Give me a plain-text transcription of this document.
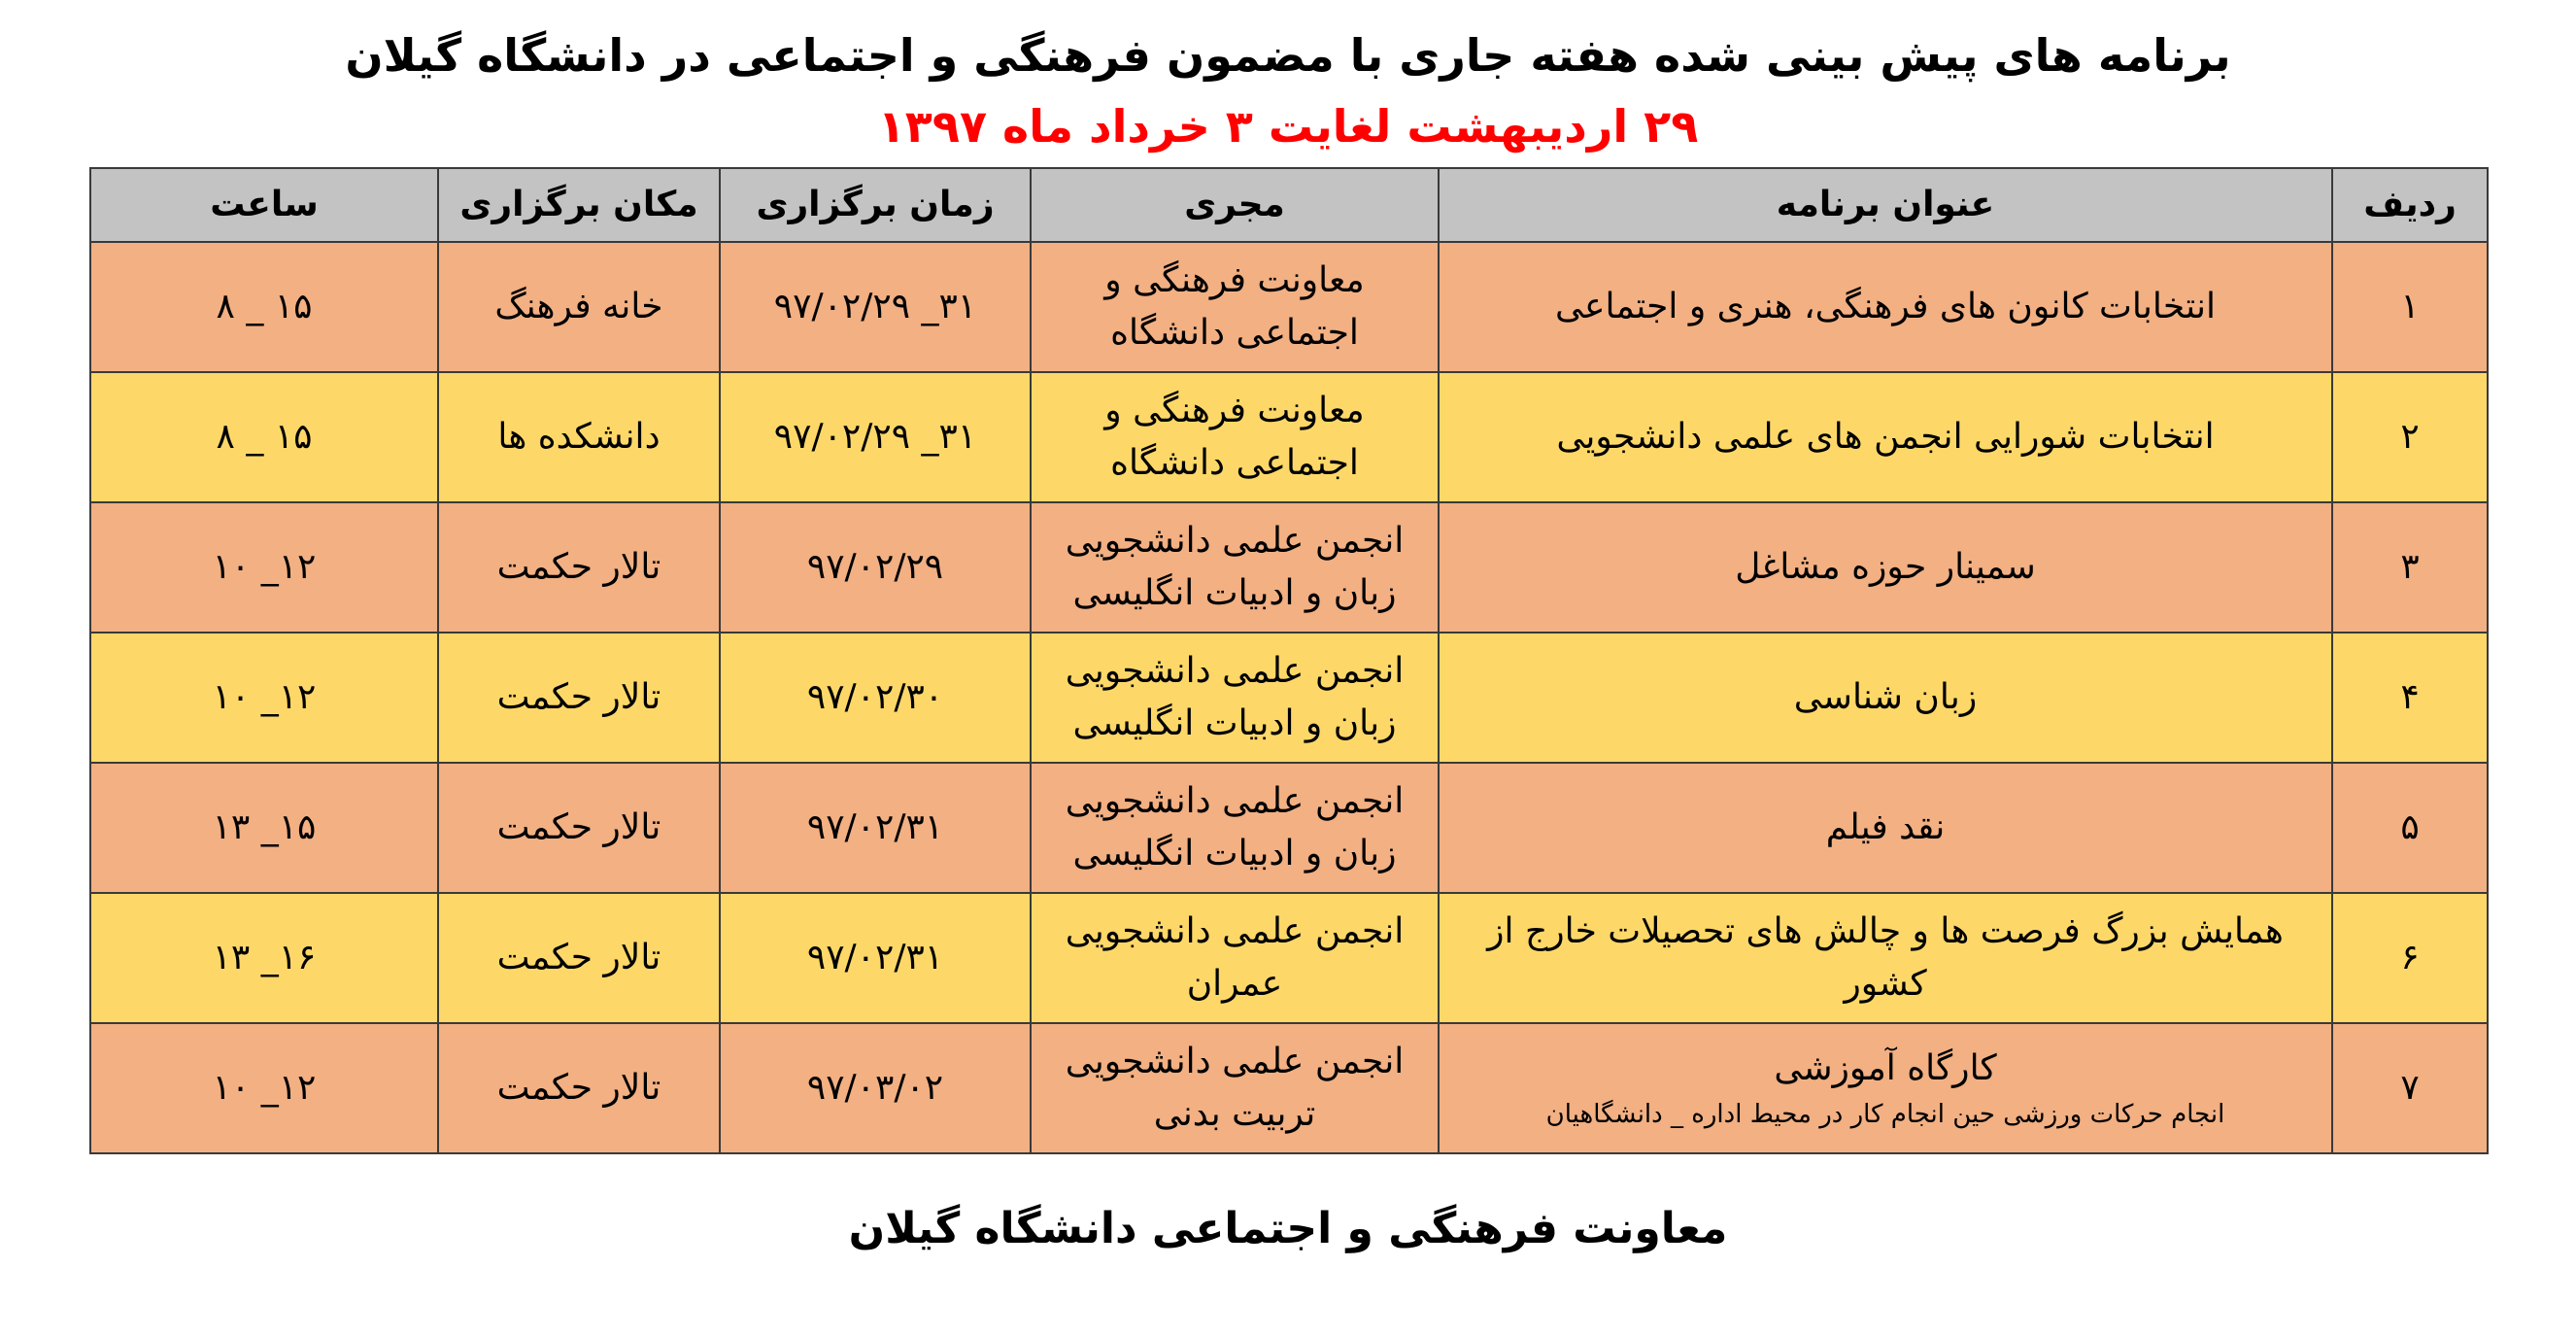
برنامه های پیش بینی شده هفته جاری با مضمون فرهنگی و اجتماعی در دانشگاه گیلان
۲۹ اردیبهشت لغایت ۳ خرداد ماه ۱۳۹۷
ردیف	عنوان برنامه	مجری	زمان برگزاری	مکان برگزاری	ساعت
۱	انتخابات کانون های فرهنگی، هنری و اجتماعی	معاونت فرهنگی و
اجتماعی دانشگاه	۳۱_ ۹۷/۰۲/۲۹	خانه فرهنگ	۱۵ _ ۸
۲	انتخابات شورایی انجمن های علمی دانشجویی	معاونت فرهنگی و
اجتماعی دانشگاه	۳۱_ ۹۷/۰۲/۲۹	دانشکده ها	۱۵ _ ۸
۳	سمینار حوزه مشاغل	انجمن علمی دانشجویی
زبان و ادبیات انگلیسی	۹۷/۰۲/۲۹	تالار حکمت	۱۲_ ۱۰
۴	زبان شناسی	انجمن علمی دانشجویی
زبان و ادبیات انگلیسی	۹۷/۰۲/۳۰	تالار حکمت	۱۲_ ۱۰
۵	نقد فیلم	انجمن علمی دانشجویی
زبان و ادبیات انگلیسی	۹۷/۰۲/۳۱	تالار حکمت	۱۵_ ۱۳
۶	همایش بزرگ فرصت ها و چالش های تحصیلات خارج از
کشور	انجمن علمی دانشجویی
عمران	۹۷/۰۲/۳۱	تالار حکمت	۱۶_ ۱۳
۷	کارگاه آموزشی
انجام حرکات ورزشی حین انجام کار در محیط اداره _ دانشگاهیان	انجمن علمی دانشجویی
تربیت بدنی	۹۷/۰۳/۰۲	تالار حکمت	۱۲_ ۱۰
معاونت فرهنگی و اجتماعی دانشگاه گیلان
